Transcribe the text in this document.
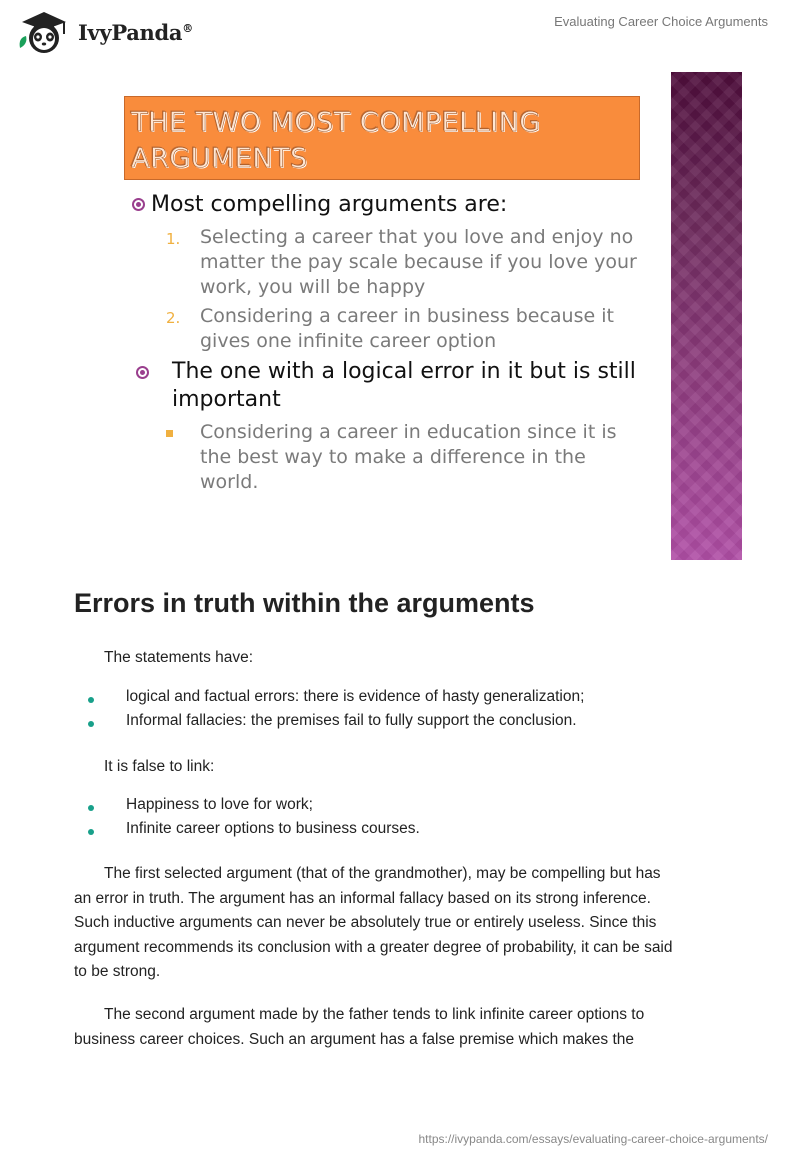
IvyPanda®	Evaluating Career Choice Arguments
THE TWO MOST COMPELLING
ARGUMENTS
Most compelling arguments are:
1. Selecting a career that you love and enjoy no
matter the pay scale because if you love your
work, you will be happy
2. Considering a career in business because it
gives one infinite career option
The one with a logical error in it but is still
important
Considering a career in education since it is
the best way to make a difference in the
world.
Errors in truth within the arguments

The statements have:

logical and factual errors: there is evidence of hasty generalization;
Informal fallacies: the premises fail to fully support the conclusion.

It is false to link:

Happiness to love for work;
Infinite career options to business courses.
The first selected argument (that of the grandmother), may be compelling but has
an error in truth. The argument has an informal fallacy based on its strong inference.
Such inductive arguments can never be absolutely true or entirely useless. Since this
argument recommends its conclusion with a greater degree of probability, it can be said
to be strong.
The second argument made by the father tends to link infinite career options to
business career choices. Such an argument has a false premise which makes the
https://ivypanda.com/essays/evaluating-career-choice-arguments/
